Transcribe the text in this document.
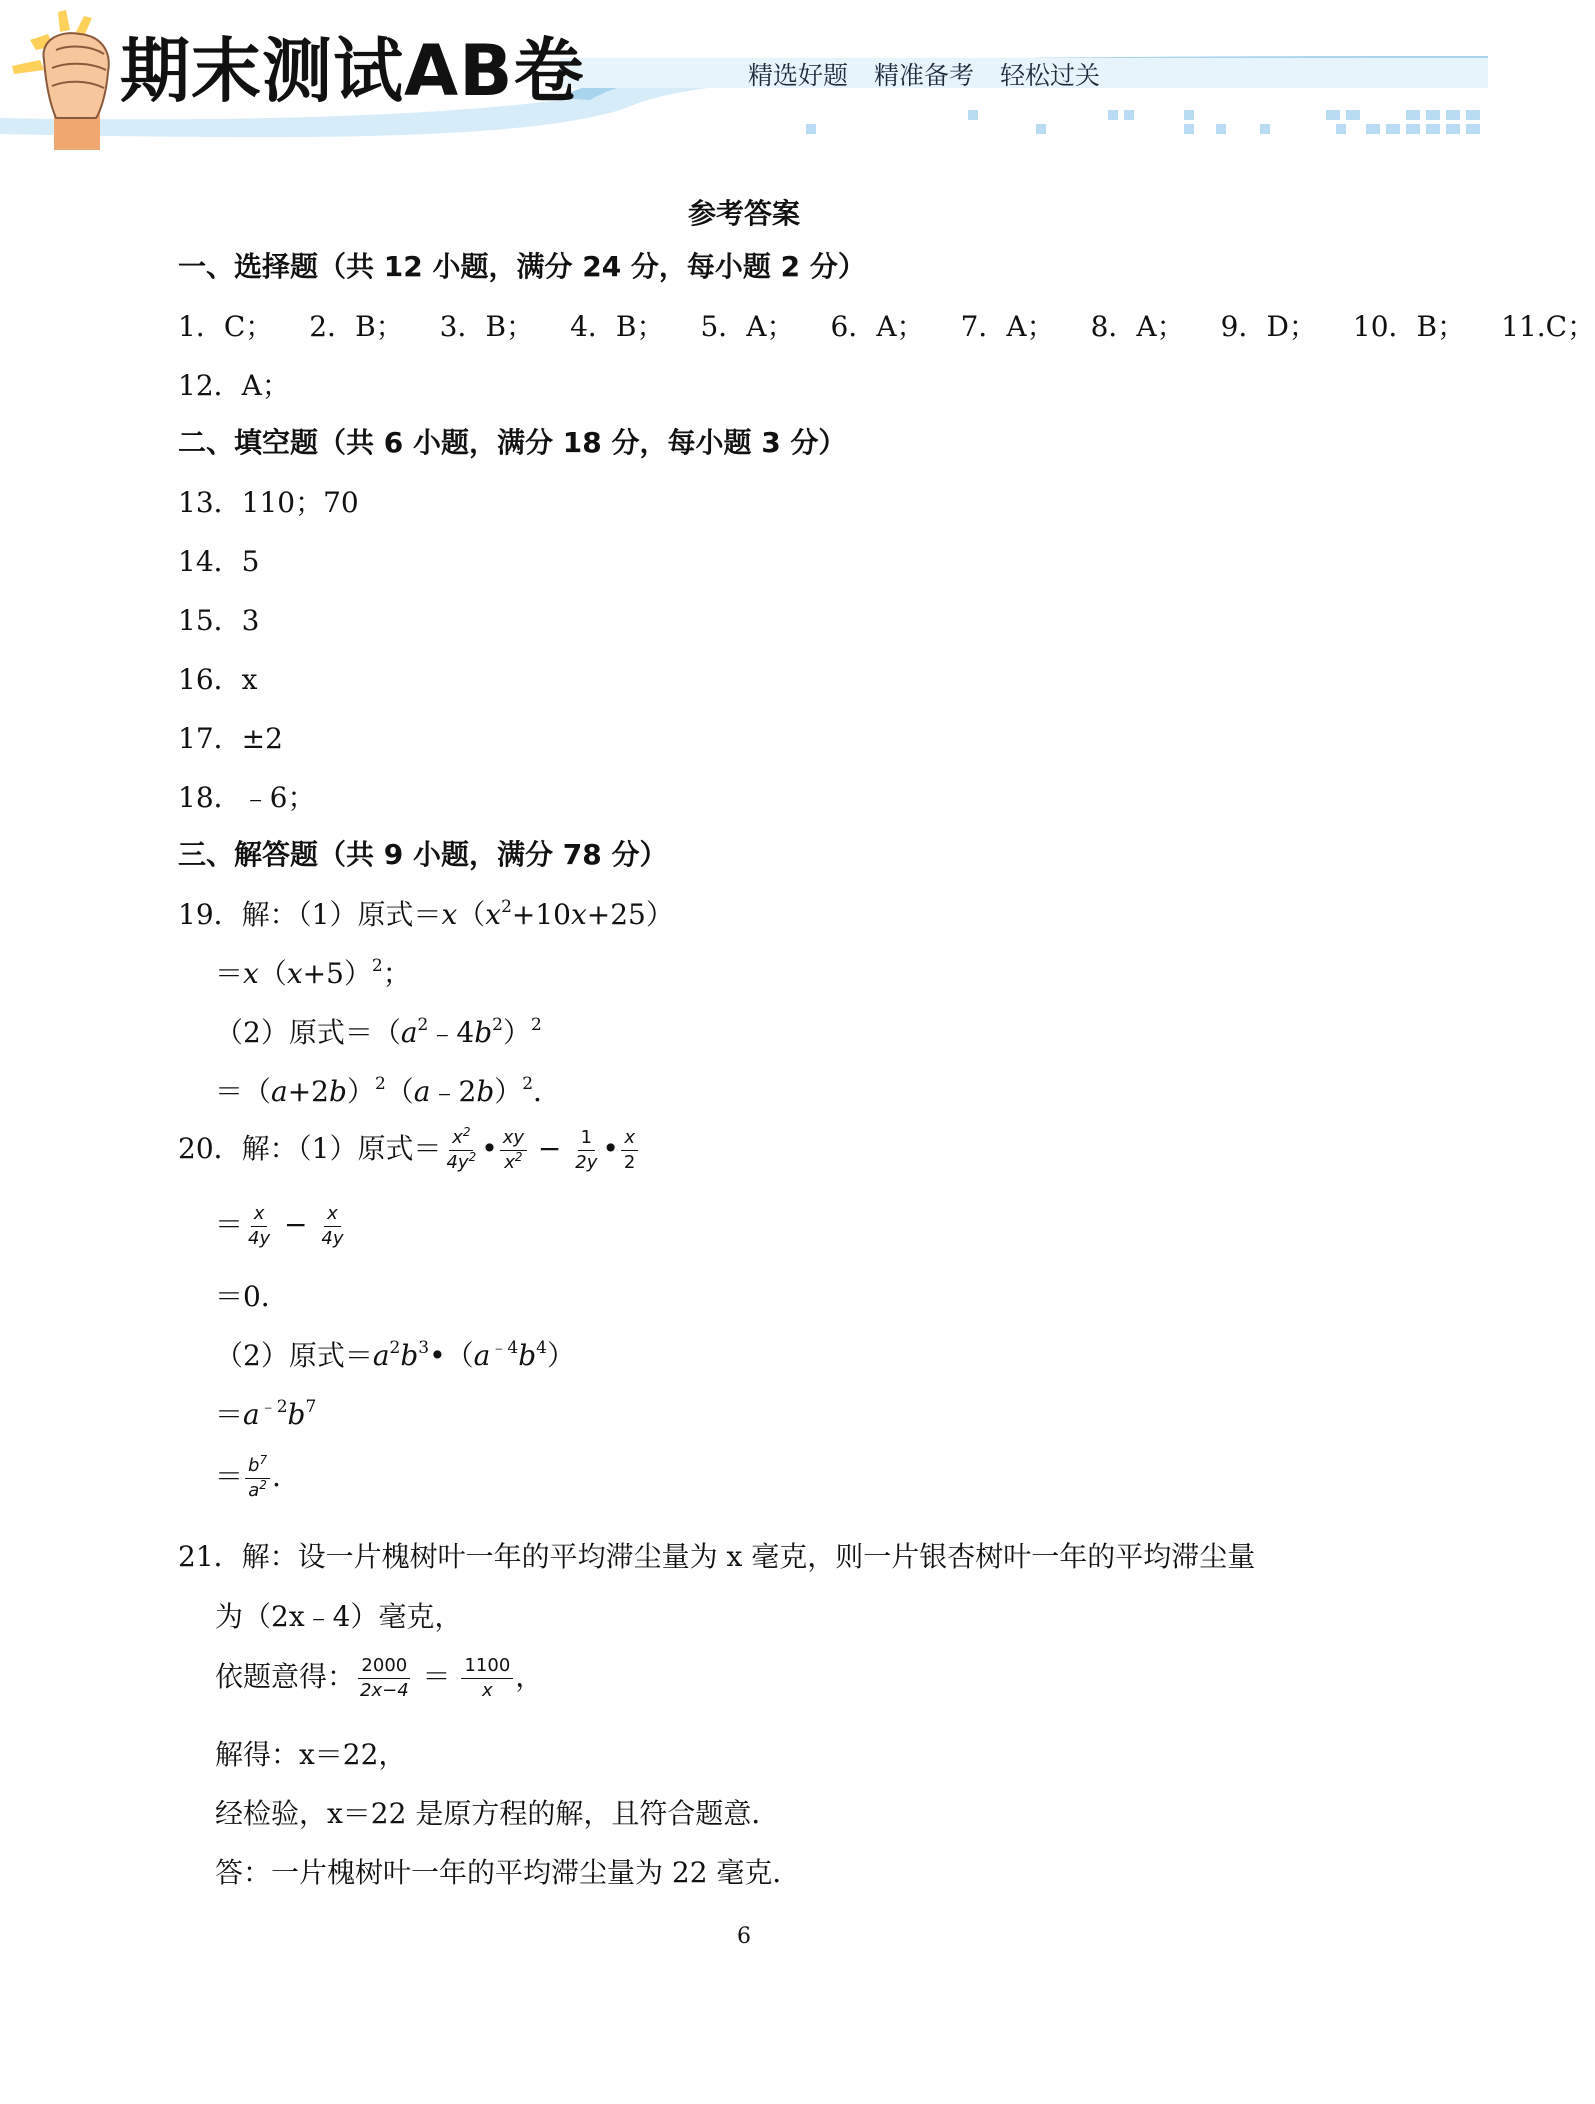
期末测试AB卷	精选好题 精准备考 轻松过关
参考答案
一、选择题（共 12 小题，满分 24 分，每小题 2 分）
1．C； 2．B； 3．B； 4．B； 5．A； 6．A； 7．A； 8．A； 9．D； 10．B； 11.C；
12．A；
二、填空题（共 6 小题，满分 18 分，每小题 3 分）
13．110；70
14．5
15．3
16．x
17．±2
18．﹣6；
三、解答题（共 9 小题，满分 78 分）
19．解：（1）原式$=x(x^2+10x+25)$
$=x(x+5)^2$；
（2）原式$=(a^2﹣4b^2)^2$
$=(a+2b)^2(a﹣2b)^2$．
20．解：（1）原式＝ $\frac{x^2}{4y^2}$ • $\frac{xy}{x^2} - \frac{1}{2y}$ • $\frac{x}{2}$
＝ $\frac{x}{4y} - \frac{x}{4y}$
＝0．
（2）原式$=a^2b^3•(a^{﹣4}b^4)$
$=a^{﹣2}b^7$
＝ $\frac{b^7}{a^2}$ ．
21．解：设一片槐树叶一年的平均滞尘量为 x 毫克，则一片银杏树叶一年的平均滞尘量
为（2x﹣4）毫克，
依题意得： $\frac{2000}{2x-4} = \frac{1100}{x}$ ，
解得：x＝22，
经检验，x＝22 是原方程的解，且符合题意．
答：一片槐树叶一年的平均滞尘量为 22 毫克．
6
